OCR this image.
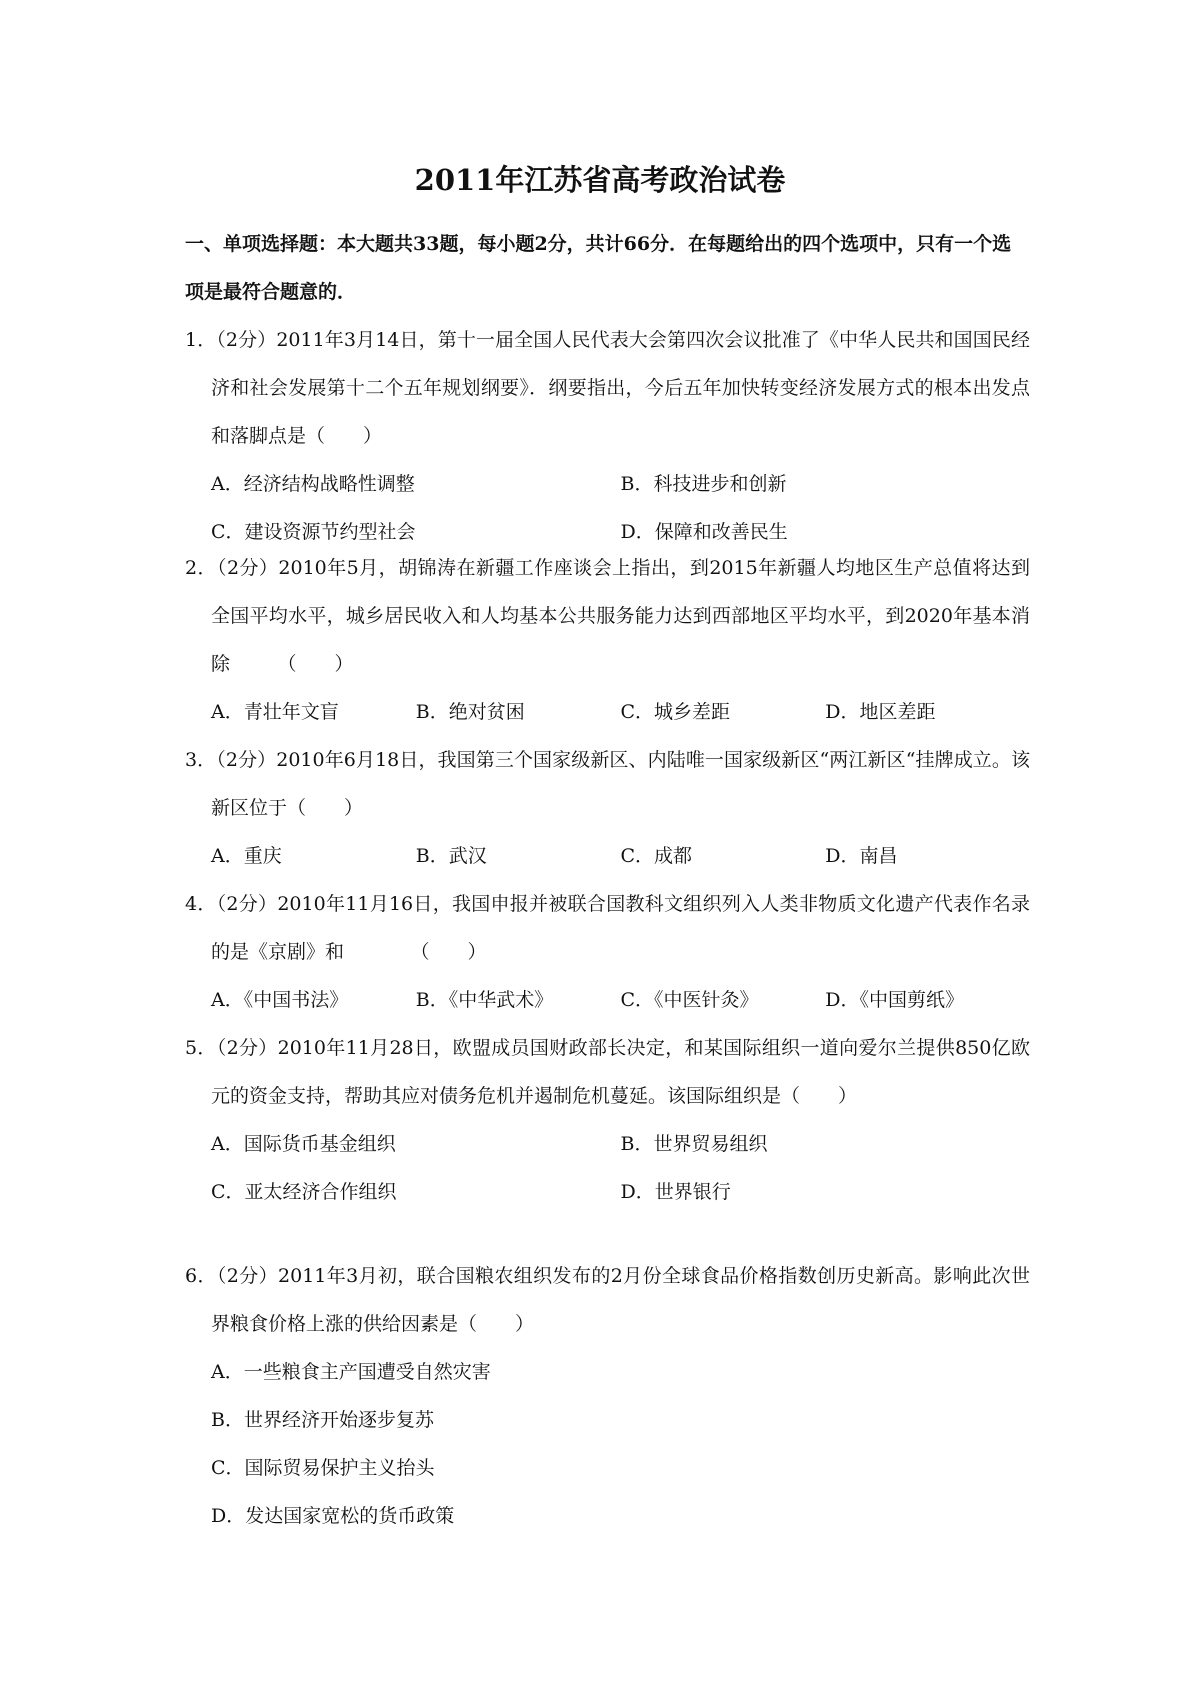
2011年江苏省高考政治试卷
一、单项选择题：本大题共33题，每小题2分，共计66分．在每题给出的四个选项中，只有一个选项是最符合题意的．

1．（2分）2011年3月14日，第十一届全国人民代表大会第四次会议批准了《中华人民共和国国民经济和社会发展第十二个五年规划纲要》．纲要指出，今后五年加快转变经济发展方式的根本出发点和落脚点是（　　）

A．经济结构战略性调整	B．科技进步和创新
C．建设资源节约型社会	D．保障和改善民生

2．（2分）2010年5月，胡锦涛在新疆工作座谈会上指出，到2015年新疆人均地区生产总值将达到全国平均水平，城乡居民收入和人均基本公共服务能力达到西部地区平均水平，到2020年基本消除　　　（　　）

A．青壮年文盲	B．绝对贫困	C．城乡差距	D．地区差距

3．（2分）2010年6月18日，我国第三个国家级新区、内陆唯一国家级新区“两江新区“挂牌成立。该新区位于（　　）

A．重庆	B．武汉	C．成都	D．南昌

4．（2分）2010年11月16日，我国申报并被联合国教科文组织列入人类非物质文化遗产代表作名录的是《京剧》和　　　　（　　）

A．《中国书法》	B．《中华武术》	C．《中医针灸》	D．《中国剪纸》

5．（2分）2010年11月28日，欧盟成员国财政部长决定，和某国际组织一道向爱尔兰提供850亿欧元的资金支持，帮助其应对债务危机并遏制危机蔓延。该国际组织是（　　）

A．国际货币基金组织	B．世界贸易组织
C．亚太经济合作组织	D．世界银行

6．（2分）2011年3月初，联合国粮农组织发布的2月份全球食品价格指数创历史新高。影响此次世界粮食价格上涨的供给因素是（　　）

A．一些粮食主产国遭受自然灾害
B．世界经济开始逐步复苏
C．国际贸易保护主义抬头
D．发达国家宽松的货币政策
